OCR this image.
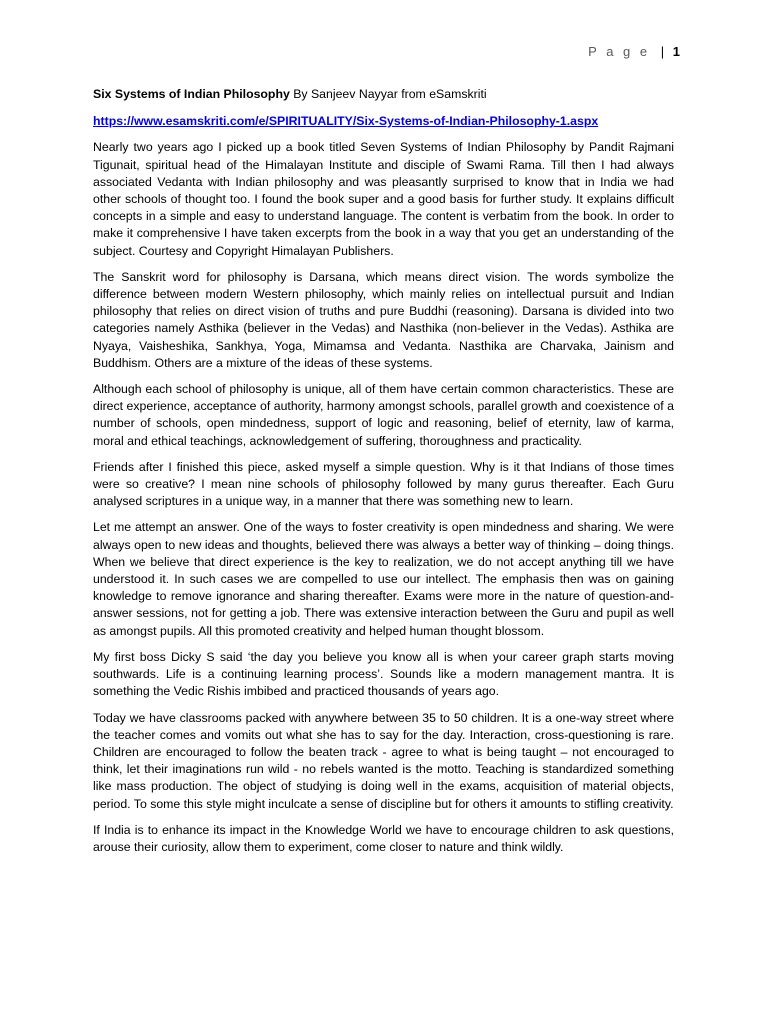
P a g e | 1
Six Systems of Indian Philosophy By Sanjeev Nayyar from eSamskriti
https://www.esamskriti.com/e/SPIRITUALITY/Six-Systems-of-Indian-Philosophy-1.aspx

Nearly two years ago I picked up a book titled Seven Systems of Indian Philosophy by Pandit Rajmani Tigunait, spiritual head of the Himalayan Institute and disciple of Swami Rama. Till then I had always associated Vedanta with Indian philosophy and was pleasantly surprised to know that in India we had other schools of thought too. I found the book super and a good basis for further study. It explains difficult concepts in a simple and easy to understand language. The content is verbatim from the book. In order to make it comprehensive I have taken excerpts from the book in a way that you get an understanding of the subject. Courtesy and Copyright Himalayan Publishers.

The Sanskrit word for philosophy is Darsana, which means direct vision. The words symbolize the difference between modern Western philosophy, which mainly relies on intellectual pursuit and Indian philosophy that relies on direct vision of truths and pure Buddhi (reasoning). Darsana is divided into two categories namely Asthika (believer in the Vedas) and Nasthika (non-believer in the Vedas). Asthika are Nyaya, Vaisheshika, Sankhya, Yoga, Mimamsa and Vedanta. Nasthika are Charvaka, Jainism and Buddhism. Others are a mixture of the ideas of these systems.

Although each school of philosophy is unique, all of them have certain common characteristics. These are direct experience, acceptance of authority, harmony amongst schools, parallel growth and coexistence of a number of schools, open mindedness, support of logic and reasoning, belief of eternity, law of karma, moral and ethical teachings, acknowledgement of suffering, thoroughness and practicality.

Friends after I finished this piece, asked myself a simple question. Why is it that Indians of those times were so creative? I mean nine schools of philosophy followed by many gurus thereafter. Each Guru analysed scriptures in a unique way, in a manner that there was something new to learn.

Let me attempt an answer. One of the ways to foster creativity is open mindedness and sharing. We were always open to new ideas and thoughts, believed there was always a better way of thinking – doing things. When we believe that direct experience is the key to realization, we do not accept anything till we have understood it. In such cases we are compelled to use our intellect. The emphasis then was on gaining knowledge to remove ignorance and sharing thereafter. Exams were more in the nature of question-and-answer sessions, not for getting a job. There was extensive interaction between the Guru and pupil as well as amongst pupils. All this promoted creativity and helped human thought blossom.

My first boss Dicky S said ‘the day you believe you know all is when your career graph starts moving southwards. Life is a continuing learning process’. Sounds like a modern management mantra. It is something the Vedic Rishis imbibed and practiced thousands of years ago.

Today we have classrooms packed with anywhere between 35 to 50 children. It is a one-way street where the teacher comes and vomits out what she has to say for the day. Interaction, cross-questioning is rare. Children are encouraged to follow the beaten track - agree to what is being taught – not encouraged to think, let their imaginations run wild - no rebels wanted is the motto. Teaching is standardized something like mass production. The object of studying is doing well in the exams, acquisition of material objects, period. To some this style might inculcate a sense of discipline but for others it amounts to stifling creativity.

If India is to enhance its impact in the Knowledge World we have to encourage children to ask questions, arouse their curiosity, allow them to experiment, come closer to nature and think wildly.
